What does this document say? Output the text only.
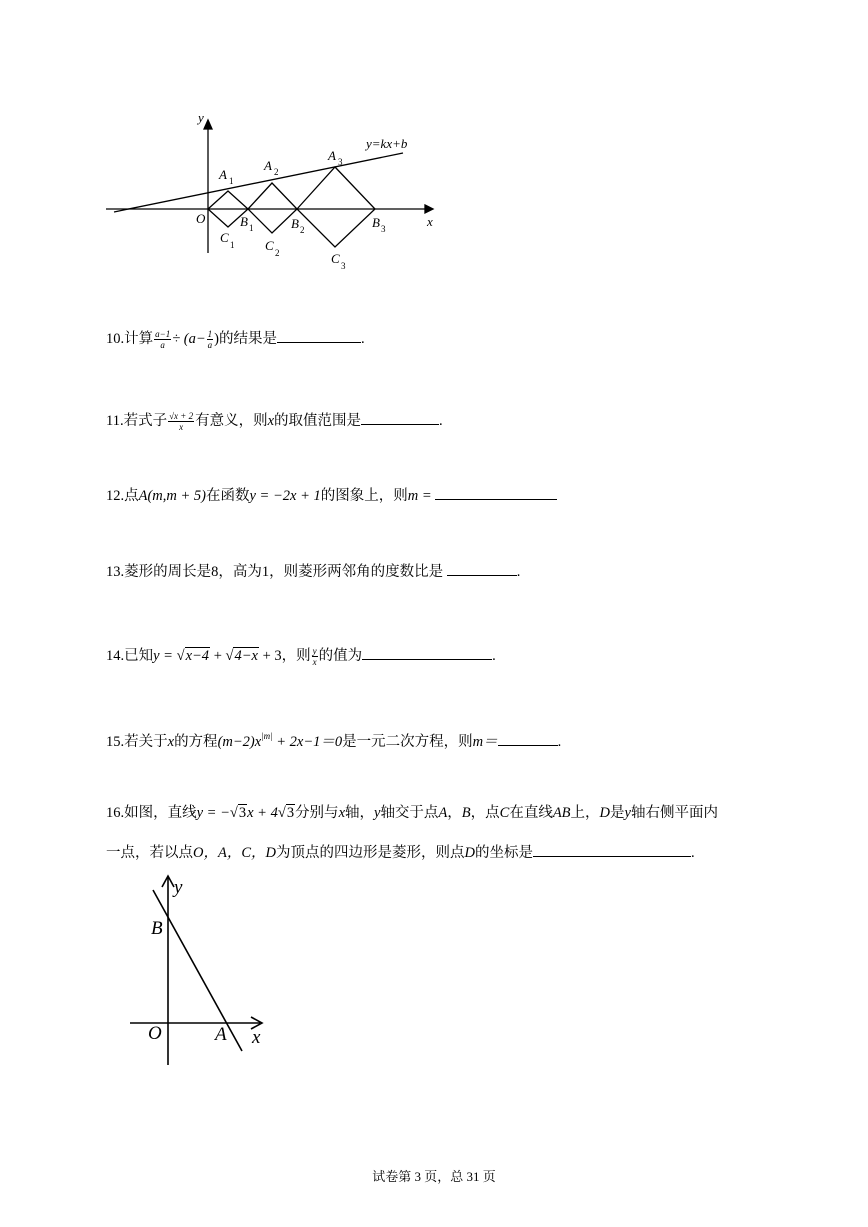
y
x
y=kx+b
O
A 1
A 2
A 3
B 1	B 2	B 3
C 1 C 2	C 3
10.计算 $\frac{a-1}{a} \div (a- \frac{1}{a}$ )的结果是	.
11.若式子 $\frac{√x + 2}{x}$ 有意义，则x的取值范围是	.
12.点A(m,m + 5)在函数y = −2x + 1的图象上，则m =
13.菱形的周长是8，高为1，则菱形两邻角的度数比是	.
14.已知y = √x−4 + √4−x + 3，则 $\frac{y}{x}$ 的值为	.
15.若关于x的方程$(m-2)x^{|m|} + 2x-1=0$是一元二次方程，则m＝	.
16.如图，直线y = −√3x + 4√3分别与x轴，y轴交于点A，B，点C在直线AB上，D是y轴右侧平面内
一点，若以点O，A，C，D为顶点的四边形是菱形，则点D的坐标是	.
y
x
O	A
B
试卷第 3 页，总 31 页
